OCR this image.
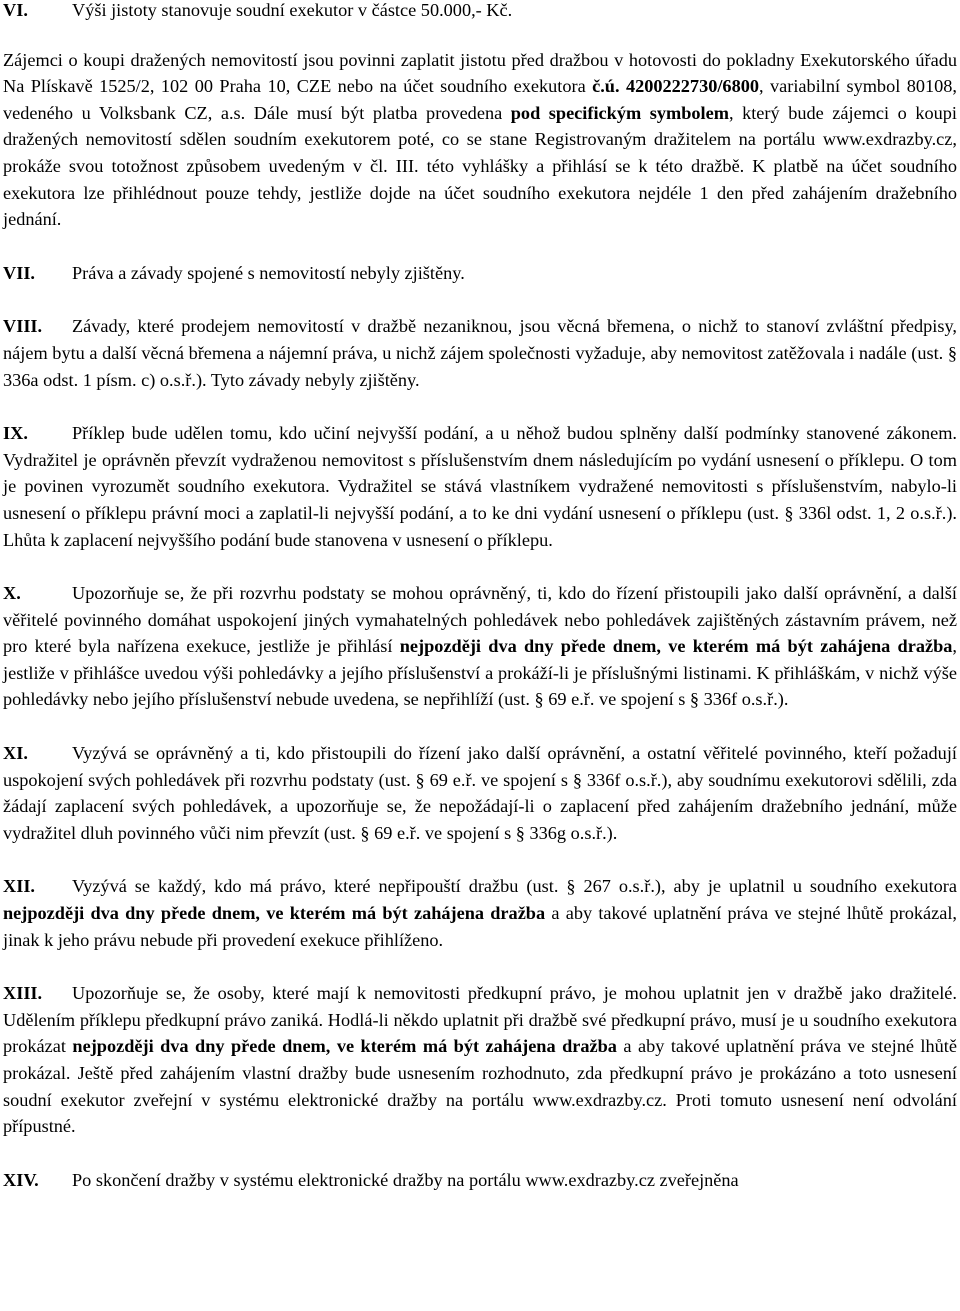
VI.	Výši jistoty stanovuje soudní exekutor v částce 50.000,- Kč.

Zájemci o koupi dražených nemovitostí jsou povinni zaplatit jistotu před dražbou v hotovosti do pokladny Exekutorského úřadu Na Plískavě 1525/2, 102 00 Praha 10, CZE nebo na účet soudního exekutora č.ú. 4200222730/6800, variabilní symbol 80108, vedeného u Volksbank CZ, a.s. Dále musí být platba provedena pod specifickým symbolem, který bude zájemci o koupi dražených nemovitostí sdělen soudním exekutorem poté, co se stane Registrovaným dražitelem na portálu www.exdrazby.cz, prokáže svou totožnost způsobem uvedeným v čl. III. této vyhlášky a přihlásí se k této dražbě. K platbě na účet soudního exekutora lze přihlédnout pouze tehdy, jestliže dojde na účet soudního exekutora nejdéle 1 den před zahájením dražebního jednání.

VII.	Práva a závady spojené s nemovitostí nebyly zjištěny.

VIII. Závady, které prodejem nemovitostí v dražbě nezaniknou, jsou věcná břemena, o nichž to stanoví zvláštní předpisy, nájem bytu a další věcná břemena a nájemní práva, u nichž zájem společnosti vyžaduje, aby nemovitost zatěžovala i nadále (ust. § 336a odst. 1 písm. c) o.s.ř.). Tyto závady nebyly zjištěny.

IX. Příklep bude udělen tomu, kdo učiní nejvyšší podání, a u něhož budou splněny další podmínky stanovené zákonem. Vydražitel je oprávněn převzít vydraženou nemovitost s příslušenstvím dnem následujícím po vydání usnesení o příklepu. O tom je povinen vyrozumět soudního exekutora. Vydražitel se stává vlastníkem vydražené nemovitosti s příslušenstvím, nabylo-li usnesení o příklepu právní moci a zaplatil-li nejvyšší podání, a to ke dni vydání usnesení o příklepu (ust. § 336l odst. 1, 2 o.s.ř.). Lhůta k zaplacení nejvyššího podání bude stanovena v usnesení o příklepu.

X.	Upozorňuje se, že při rozvrhu podstaty se mohou oprávněný, ti, kdo do řízení přistoupili jako další oprávnění, a další věřitelé povinného domáhat uspokojení jiných vymahatelných pohledávek nebo pohledávek zajištěných zástavním právem, než pro které byla nařízena exekuce, jestliže je přihlásí nejpozději dva dny přede dnem, ve kterém má být zahájena dražba, jestliže v přihlášce uvedou výši pohledávky a jejího příslušenství a prokáží-li je příslušnými listinami. K přihláškám, v nichž výše pohledávky nebo jejího příslušenství nebude uvedena, se nepřihlíží (ust. § 69 e.ř. ve spojení s § 336f o.s.ř.).

XI. Vyzývá se oprávněný a ti, kdo přistoupili do řízení jako další oprávnění, a ostatní věřitelé povinného, kteří požadují uspokojení svých pohledávek při rozvrhu podstaty (ust. § 69 e.ř. ve spojení s § 336f o.s.ř.), aby soudnímu exekutorovi sdělili, zda žádají zaplacení svých pohledávek, a upozorňuje se, že nepožádají-li o zaplacení před zahájením dražebního jednání, může vydražitel dluh povinného vůči nim převzít (ust. § 69 e.ř. ve spojení s § 336g o.s.ř.).

XII. Vyzývá se každý, kdo má právo, které nepřipouští dražbu (ust. § 267 o.s.ř.), aby je uplatnil u soudního exekutora nejpozději dva dny přede dnem, ve kterém má být zahájena dražba a aby takové uplatnění práva ve stejné lhůtě prokázal, jinak k jeho právu nebude při provedení exekuce přihlíženo.

XIII. Upozorňuje se, že osoby, které mají k nemovitosti předkupní právo, je mohou uplatnit jen v dražbě jako dražitelé. Udělením příklepu předkupní právo zaniká. Hodlá-li někdo uplatnit při dražbě své předkupní právo, musí je u soudního exekutora prokázat nejpozději dva dny přede dnem, ve kterém má být zahájena dražba a aby takové uplatnění práva ve stejné lhůtě prokázal. Ještě před zahájením vlastní dražby bude usnesením rozhodnuto, zda předkupní právo je prokázáno a toto usnesení soudní exekutor zveřejní v systému elektronické dražby na portálu www.exdrazby.cz. Proti tomuto usnesení není odvolání přípustné.

XIV.	Po skončení dražby v systému elektronické dražby na portálu www.exdrazby.cz zveřejněna
